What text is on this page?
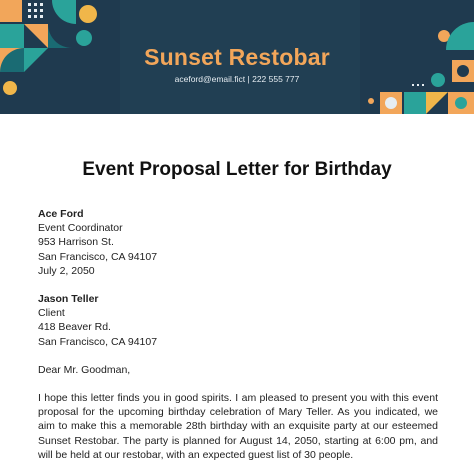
Sunset Restobar
aceford@email.fict | 222 555 777
Event Proposal Letter for Birthday
Ace Ford
Event Coordinator
953 Harrison St.
San Francisco, CA 94107
July 2, 2050
Jason Teller
Client
418 Beaver Rd.
San Francisco, CA 94107
Dear Mr. Goodman,
I hope this letter finds you in good spirits. I am pleased to present you with this event proposal for the upcoming birthday celebration of Mary Teller. As you indicated, we aim to make this a memorable 28th birthday with an exquisite party at our esteemed Sunset Restobar. The party is planned for August 14, 2050, starting at 6:00 pm, and will be held at our restobar, with an expected guest list of 30 people.
